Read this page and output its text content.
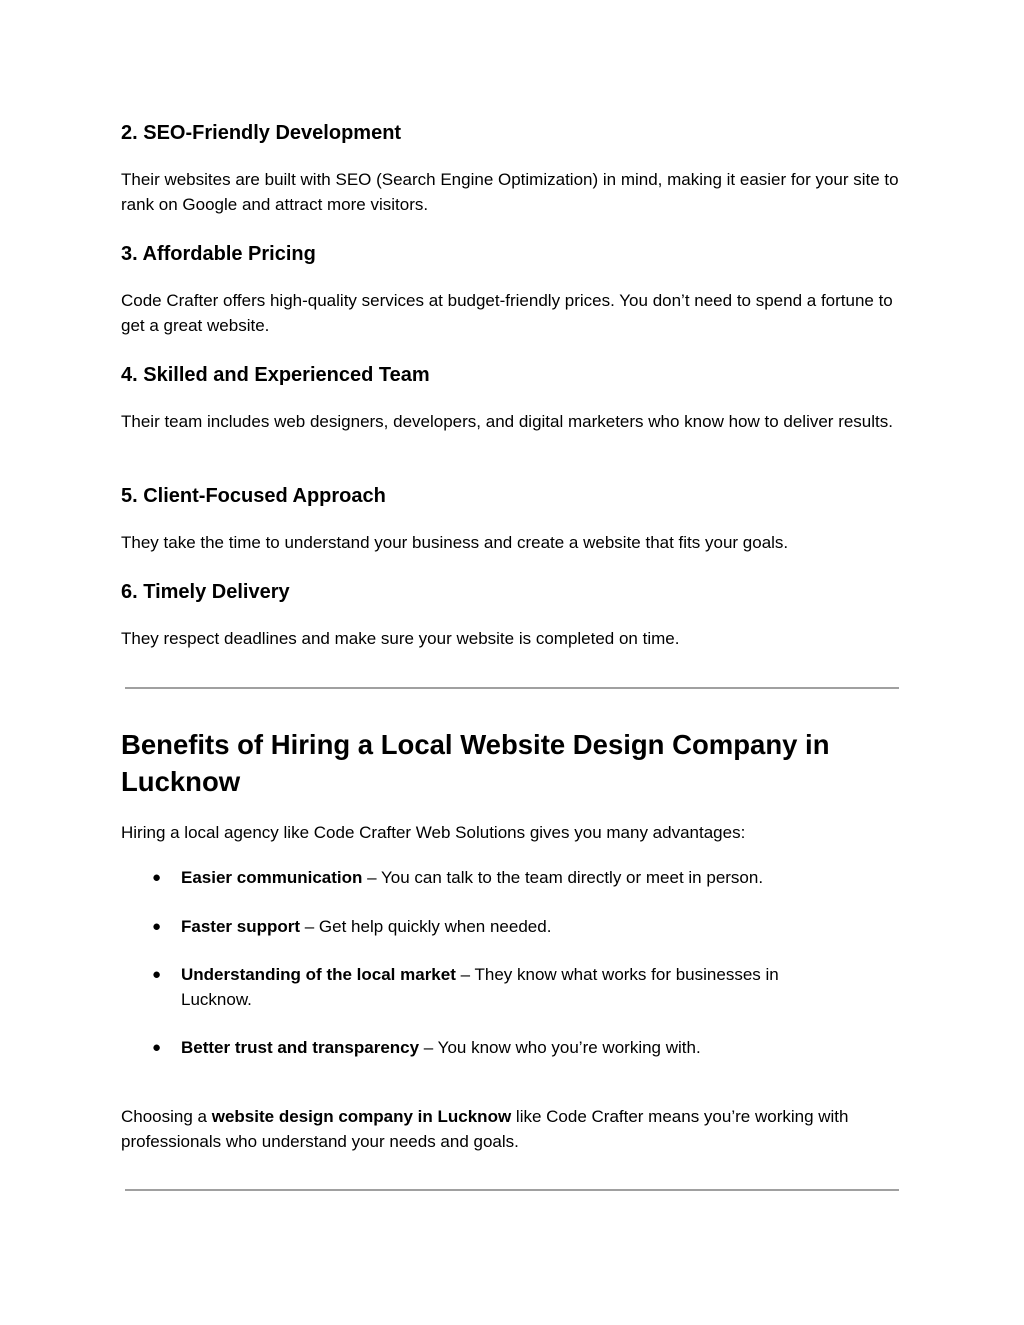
2. SEO-Friendly Development

Their websites are built with SEO (Search Engine Optimization) in mind, making it easier for your site to rank on Google and attract more visitors.

3. Affordable Pricing

Code Crafter offers high-quality services at budget-friendly prices. You don’t need to spend a fortune to get a great website.

4. Skilled and Experienced Team

Their team includes web designers, developers, and digital marketers who know how to deliver results.

5. Client-Focused Approach

They take the time to understand your business and create a website that fits your goals.

6. Timely Delivery

They respect deadlines and make sure your website is completed on time.

Benefits of Hiring a Local Website Design Company in Lucknow

Hiring a local agency like Code Crafter Web Solutions gives you many advantages:

● Easier communication – You can talk to the team directly or meet in person.

● Faster support – Get help quickly when needed.

● Understanding of the local market – They know what works for businesses in Lucknow.

● Better trust and transparency – You know who you’re working with.

Choosing a website design company in Lucknow like Code Crafter means you’re working with professionals who understand your needs and goals.
